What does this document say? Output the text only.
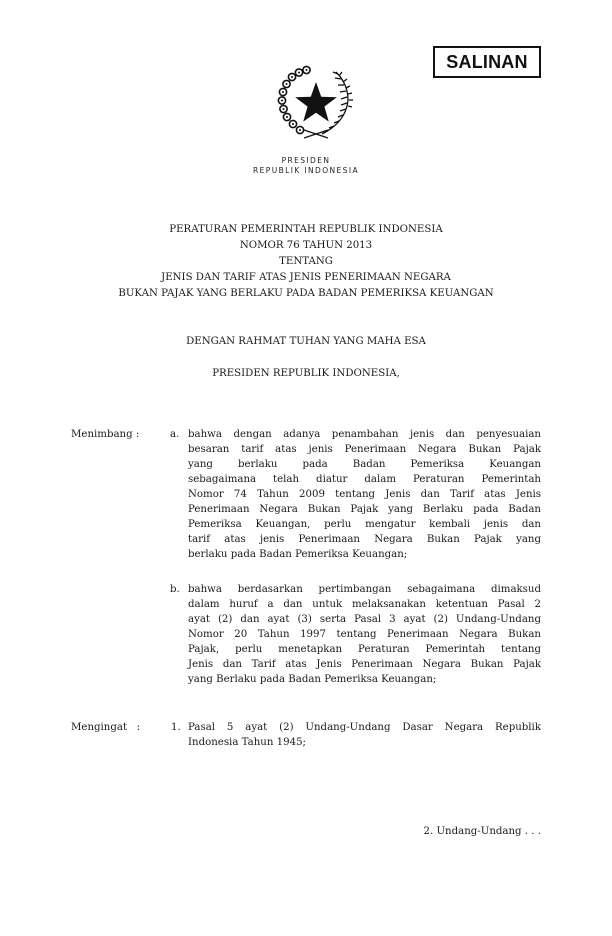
SALINAN
PRESIDEN
REPUBLIK INDONESIA
PERATURAN PEMERINTAH REPUBLIK INDONESIA
NOMOR 76 TAHUN 2013
TENTANG
JENIS DAN TARIF ATAS JENIS PENERIMAAN NEGARA
BUKAN PAJAK YANG BERLAKU PADA BADAN PEMERIKSA KEUANGAN
DENGAN RAHMAT TUHAN YANG MAHA ESA
PRESIDEN REPUBLIK INDONESIA,
Menimbang :	a. bahwa dengan adanya penambahan jenis dan penyesuaian
besaran tarif atas jenis Penerimaan Negara Bukan Pajak
yang berlaku pada Badan Pemeriksa Keuangan
sebagaimana telah diatur dalam Peraturan Pemerintah
Nomor 74 Tahun 2009 tentang Jenis dan Tarif atas Jenis
Penerimaan Negara Bukan Pajak yang Berlaku pada Badan
Pemeriksa Keuangan, perlu mengatur kembali jenis dan
tarif atas jenis Penerimaan Negara Bukan Pajak yang
berlaku pada Badan Pemeriksa Keuangan;
b. bahwa berdasarkan pertimbangan sebagaimana dimaksud
dalam huruf a dan untuk melaksanakan ketentuan Pasal 2
ayat (2) dan ayat (3) serta Pasal 3 ayat (2) Undang-Undang
Nomor 20 Tahun 1997 tentang Penerimaan Negara Bukan
Pajak, perlu menetapkan Peraturan Pemerintah tentang
Jenis dan Tarif atas Jenis Penerimaan Negara Bukan Pajak
yang Berlaku pada Badan Pemeriksa Keuangan;
Mengingat   :	1. Pasal 5 ayat (2) Undang-Undang Dasar Negara Republik
Indonesia Tahun 1945;
2. Undang-Undang . . .
